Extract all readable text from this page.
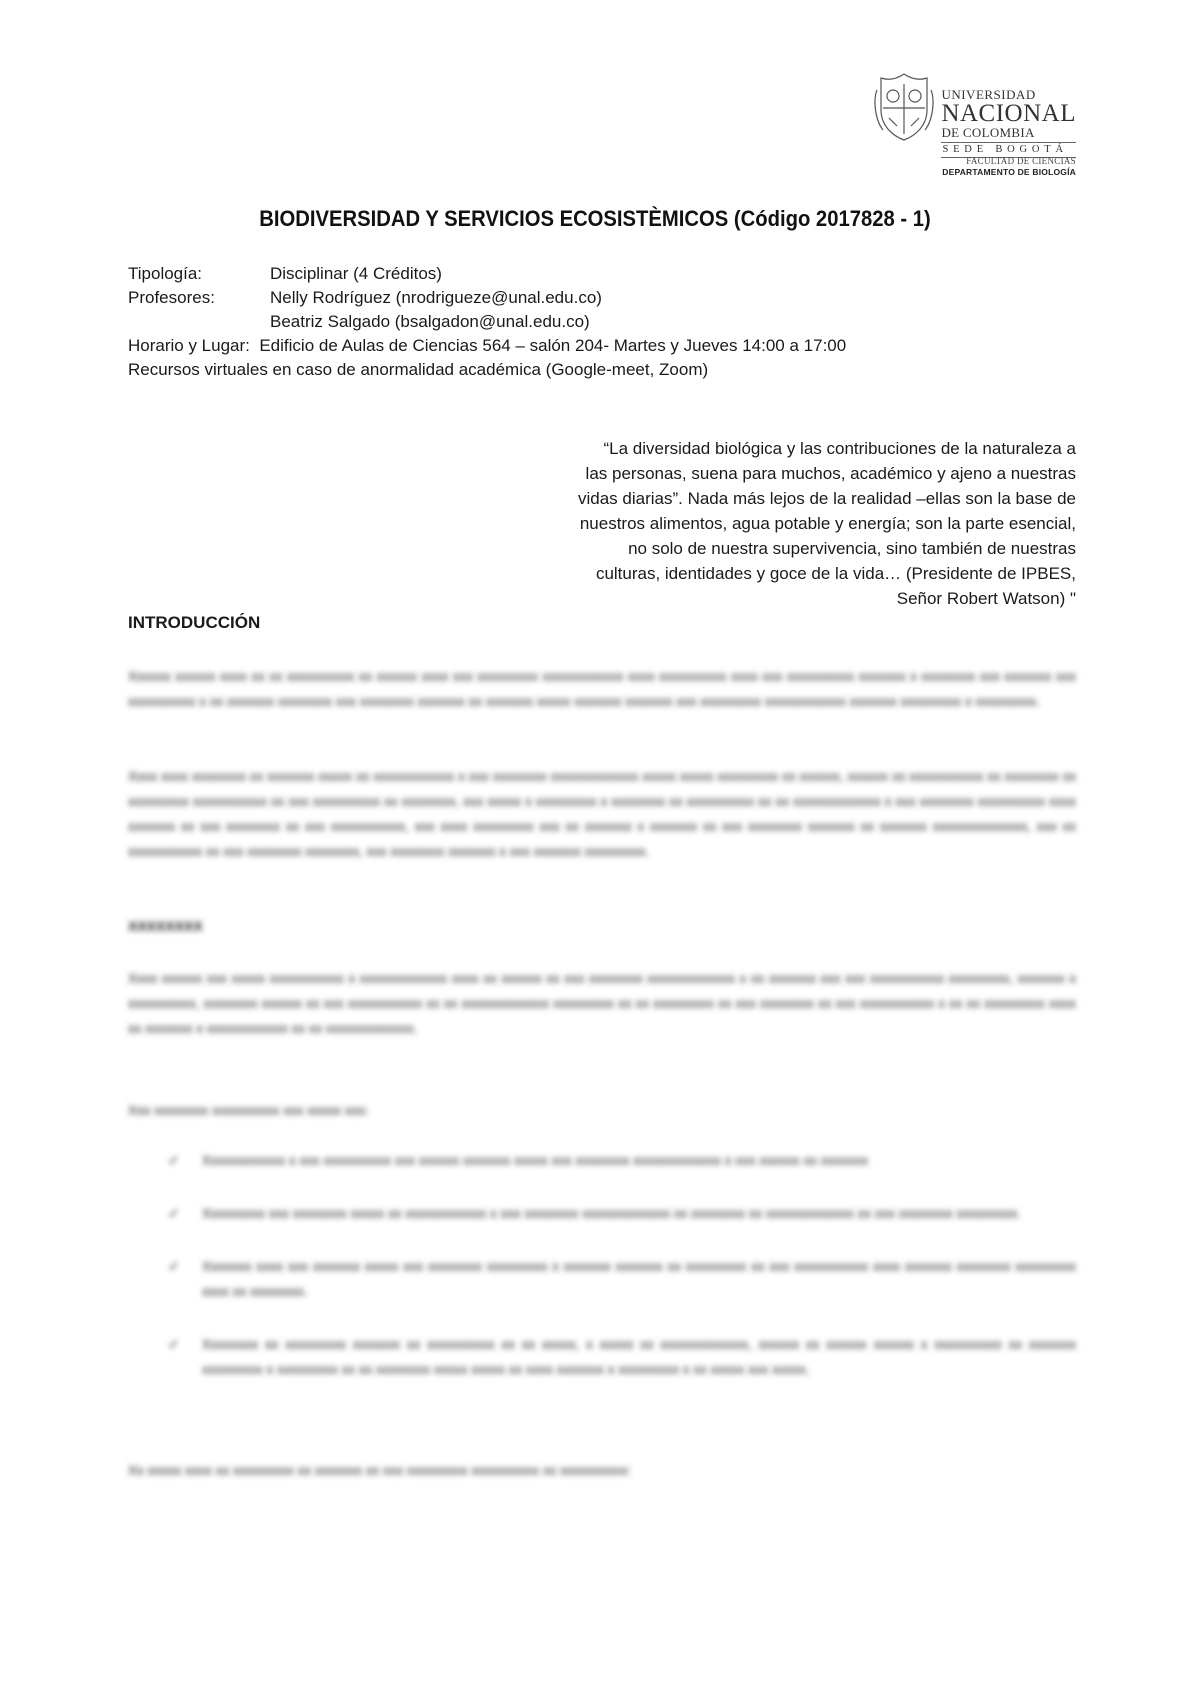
UNIVERSIDAD
NACIONAL
DE COLOMBIA
SEDE BOGOTÁ
FACULTAD DE CIENCIAS
DEPARTAMENTO DE BIOLOGÍA
BIODIVERSIDAD Y SERVICIOS ECOSISTÈMICOS (Código 2017828 - 1)
Tipología:	Disciplinar (4 Créditos)
Profesores:	Nelly Rodríguez (nrodrigueze@unal.edu.co)
Beatriz Salgado (bsalgadon@unal.edu.co)
Horario y Lugar: Edificio de Aulas de Ciencias 564 – salón 204- Martes y Jueves 14:00 a 17:00
Recursos virtuales en caso de anormalidad académica (Google-meet, Zoom)
“La diversidad biológica y las contribuciones de la naturaleza a
las personas, suena para muchos, académico y ajeno a nuestras
vidas diarias”. Nada más lejos de la realidad –ellas son la base de
nuestros alimentos, agua potable y energía; son la parte esencial,
no solo de nuestra supervivencia, sino también de nuestras
culturas, identidades y goce de la vida… (Presidente de IPBES,
Señor Robert Watson) "
INTRODUCCIÓN
Xxxxxx xxxxxx xxxx xx xx xxxxxxxxxx xx xxxxxx xxxx xxx xxxxxxxxx xxxxxxxxxxxx xxxx xxxxxxxxxx xxxx xxx xxxxxxxxxx xxxxxxx x xxxxxxxx xxx xxxxxxx xxx xxxxxxxxxx x xx xxxxxxx xxxxxxxx xxx xxxxxxxx xxxxxxx xx xxxxxxx xxxxx xxxxxxx xxxxxxx xxx xxxxxxxxx xxxxxxxxxxxx xxxxxxx xxxxxxxxx x xxxxxxxxx.
Xxxx xxxx xxxxxxxx xx xxxxxxx xxxxx xx xxxxxxxxxxxx x xxx xxxxxxxx xxxxxxxxxxxxx xxxxx xxxxx xxxxxxxxx xx xxxxxx, xxxxxx xx xxxxxxxxxxx xx xxxxxxxx xx xxxxxxxxx xxxxxxxxxxx xx xxx xxxxxxxxxx xx xxxxxxxx, xxx xxxxx x xxxxxxxxx x xxxxxxxx xx xxxxxxxxxx xx xx xxxxxxxxxxxxx x xxx xxxxxxxx xxxxxxxxxx xxxx xxxxxxx xx xxx xxxxxxxx xx xxx xxxxxxxxxxx, xxx xxxx xxxxxxxxx xxx xx xxxxxxx x xxxxxxx xx xxx xxxxxxxx xxxxxxx xx xxxxxxx xxxxxxxxxxxxxx, xxx xx xxxxxxxxxxx xx xxx xxxxxxxx xxxxxxxx, xxx xxxxxxxx xxxxxxx x xxx xxxxxxx xxxxxxxxx.
XXXXXXXX
Xxxx xxxxxx xxx xxxxx xxxxxxxxxxx x xxxxxxxxxxxxx xxxx xx xxxxxx xx xxx xxxxxxxx xxxxxxxxxxxxx x xx xxxxxxx xxx xxx xxxxxxxxxxx xxxxxxxxx, xxxxxxx x xxxxxxxxxx, xxxxxxxx xxxxxx xx xxx xxxxxxxxxxx xx xx xxxxxxxxxxxxx xxxxxxxxx xx xx xxxxxxxxx xx xxx xxxxxxxx xx xxx xxxxxxxxxxx x xx xx xxxxxxxxx xxxx xx xxxxxxx x xxxxxxxxxxxx xx xx xxxxxxxxxxxxx.
Xxx xxxxxxxx xxxxxxxxxx xxx xxxxx xxx:
✓ Xxxxxxxxxxxx x xxx xxxxxxxxxx xxx xxxxxx xxxxxxx xxxxx xxx xxxxxxxx xxxxxxxxxxxxx x xxx xxxxxx xx xxxxxxx
✓ Xxxxxxxxx xxx xxxxxxxx xxxxx xx xxxxxxxxxxxx x xxx xxxxxxxx xxxxxxxxxxxxx xx xxxxxxxx xx xxxxxxxxxxxxx xx xxx xxxxxxxx xxxxxxxxx.
✓ Xxxxxxx xxxx xxx xxxxxxx xxxxx xxx xxxxxxxx xxxxxxxxx x xxxxxxx xxxxxxx xx xxxxxxxxx xx xxx xxxxxxxxxxx xxxx xxxxxxx xxxxxxxx xxxxxxxxx xxxx xx xxxxxxxx.
✓ Xxxxxxxx xx xxxxxxxxx xxxxxxx xx xxxxxxxxxx xx xx xxxxx, x xxxxx xx xxxxxxxxxxxxx, xxxxxx xx xxxxxx xxxxxx x xxxxxxxxxx xx xxxxxxx xxxxxxxxx x xxxxxxxxx xx xx xxxxxxxx xxxxx xxxxx xx xxxx xxxxxxx x xxxxxxxxx x xx xxxxx xxx xxxxx.
Xx xxxxx xxxx xx xxxxxxxxx xx xxxxxxx xx xxx xxxxxxxxx xxxxxxxxxx xx xxxxxxxxxx:
